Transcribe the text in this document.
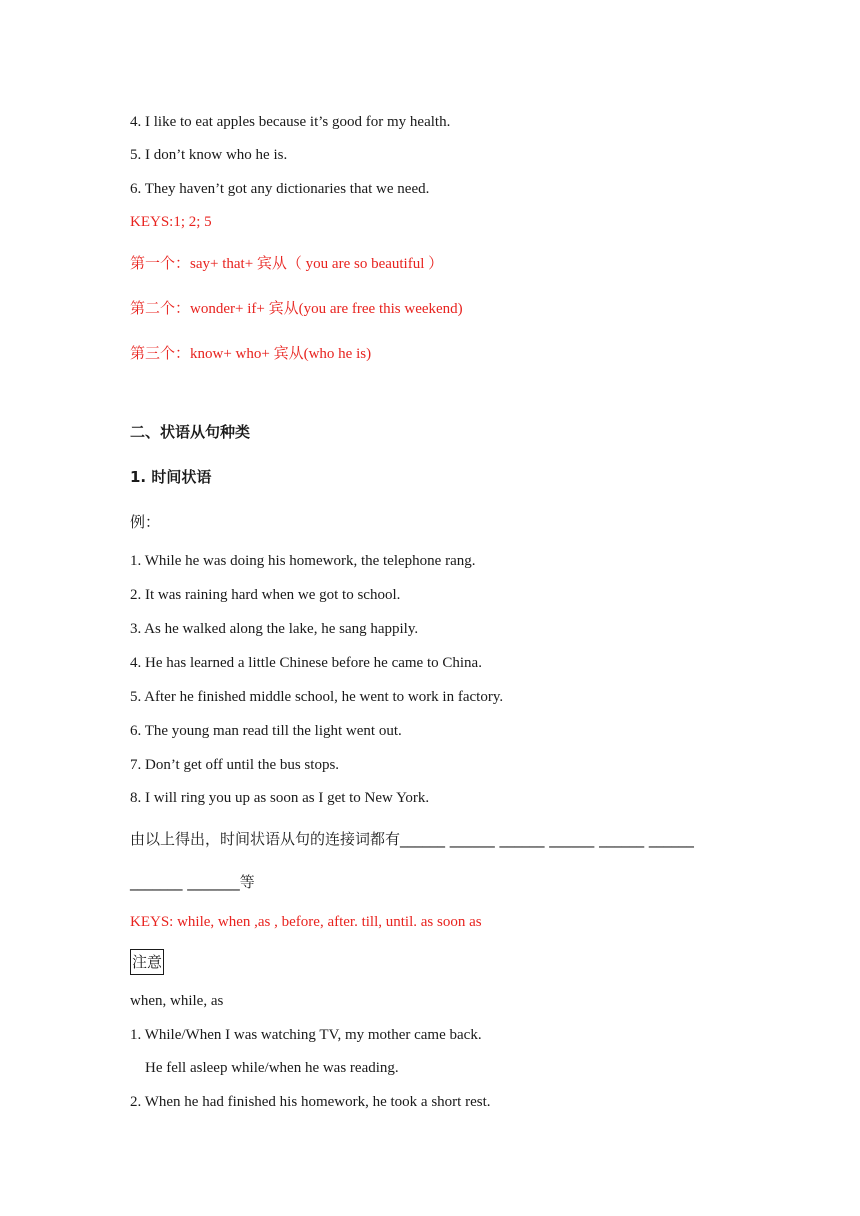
4. I like to eat apples because it’s good for my health.
5. I don’t know who he is.
6. They haven’t got any dictionaries that we need.
KEYS:1; 2; 5
第一个：say+ that+ 宾从（ you are so beautiful ）
第二个：wonder+ if+ 宾从(you are free this weekend)
第三个：know+ who+ 宾从(who he is)
二、状语从句种类
1. 时间状语
例：
1. While he was doing his homework, the telephone rang.
2. It was raining hard when we got to school.
3. As he walked along the lake, he sang happily.
4. He has learned a little Chinese before he came to China.
5. After he finished middle school, he went to work in factory.
6. The young man read till the light went out.
7. Don’t get off until the bus stops.
8. I will ring you up as soon as I get to New York.
由以上得出，时间状语从句的连接词都有______ ______ ______ ______ ______ ______
_______ _______等
KEYS: while, when ,as , before, after. till, until. as soon as
注意
when, while, as
1. While/When I was watching TV, my mother came back.
He fell asleep while/when he was reading.
2. When he had finished his homework, he took a short rest.
